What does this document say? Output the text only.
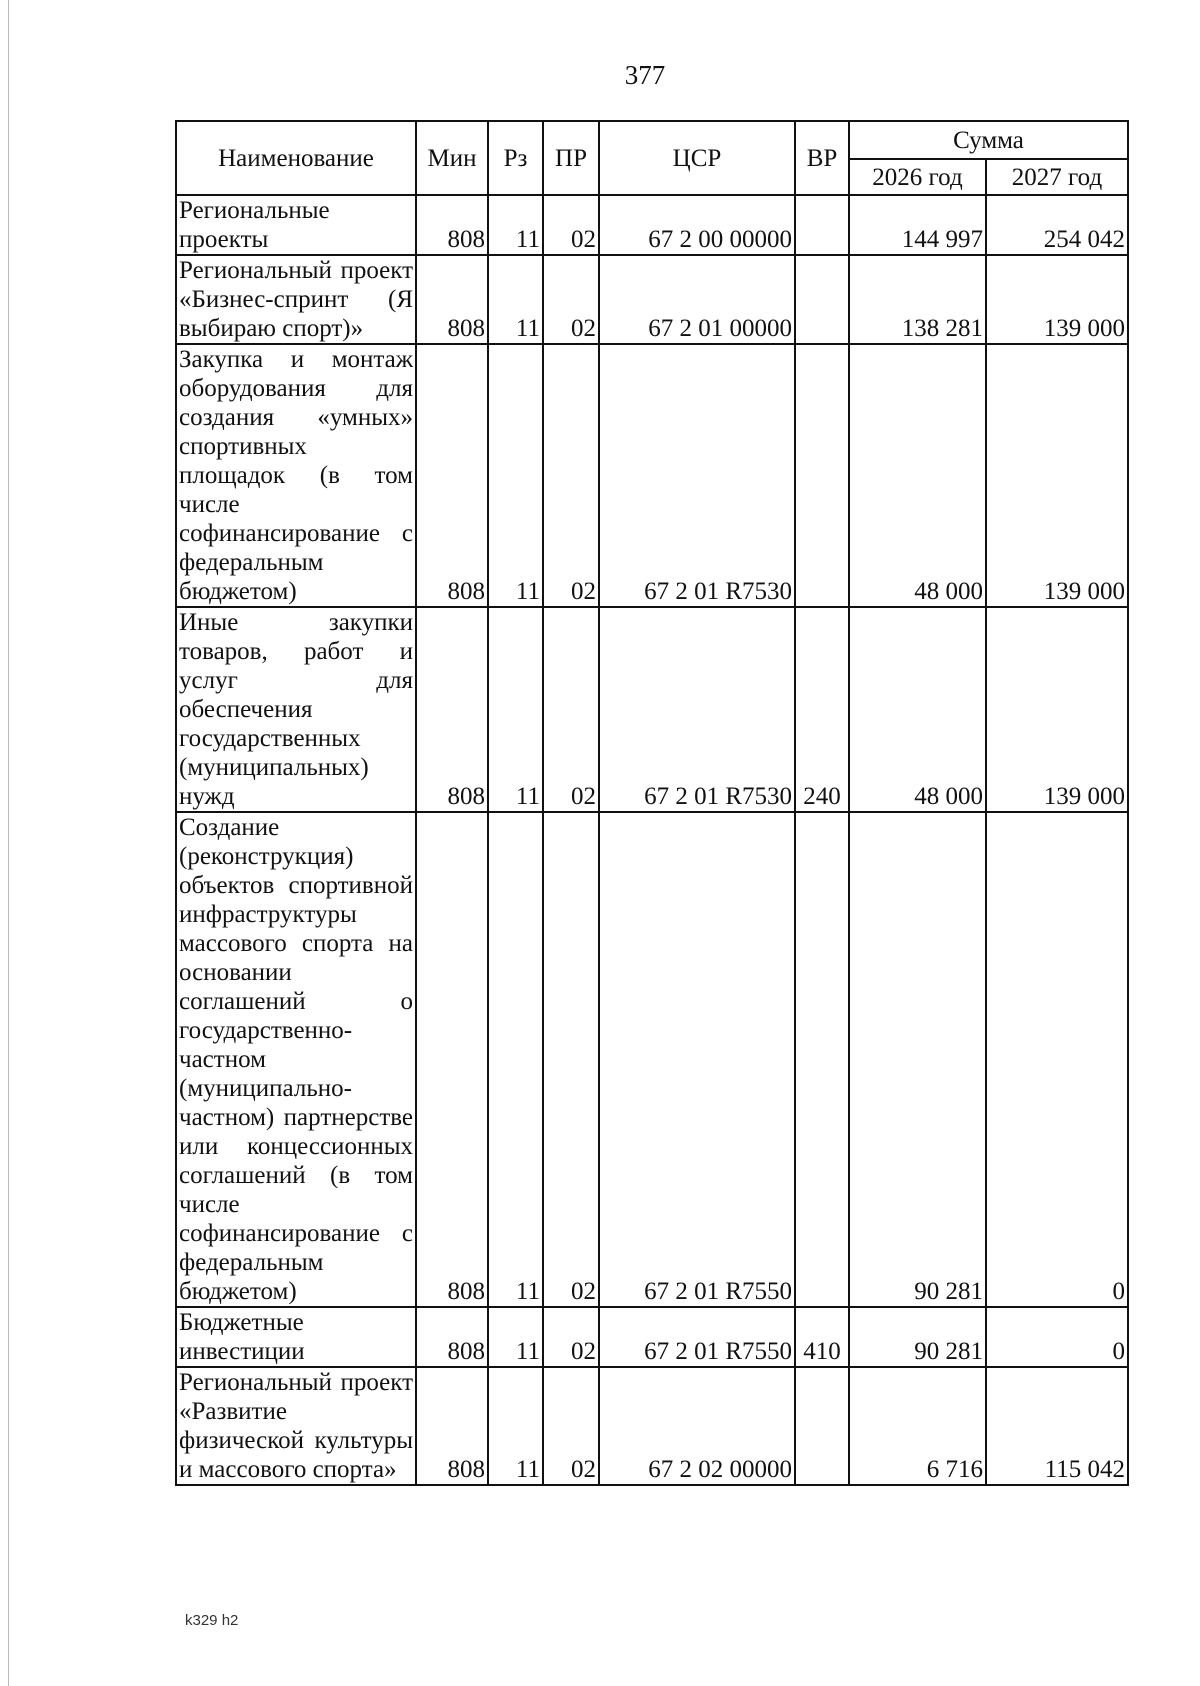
377
Наименование	Мин	Рз	ПР	ЦСР	ВР	Сумма	
						2026 год	2027 год
Региональные проекты	808	11	02	67 2 00 00000		144 997	254 042
Региональный проект «Бизнес-спринт (Я выбираю спорт)»	808	11	02	67 2 01 00000		138 281	139 000
Закупка и монтаж оборудования для создания «умных» спортивных площадок (в том числе софинансирование с федеральным бюджетом)	808	11	02	67 2 01 R7530		48 000	139 000
Иные закупки товаров, работ и услуг для обеспечения государственных (муниципальных) нужд	808	11	02	67 2 01 R7530	240	48 000	139 000
Создание (реконструкция) объектов спортивной инфраструктуры массового спорта на основании соглашений о государственно-частном (муниципально-частном) партнерстве или концессионных соглашений (в том числе софинансирование с федеральным бюджетом)	808	11	02	67 2 01 R7550		90 281	0
Бюджетные инвестиции	808	11	02	67 2 01 R7550	410	90 281	0
Региональный проект «Развитие физической культуры и массового спорта»	808	11	02	67 2 02 00000		6 716	115 042
k329 h2
